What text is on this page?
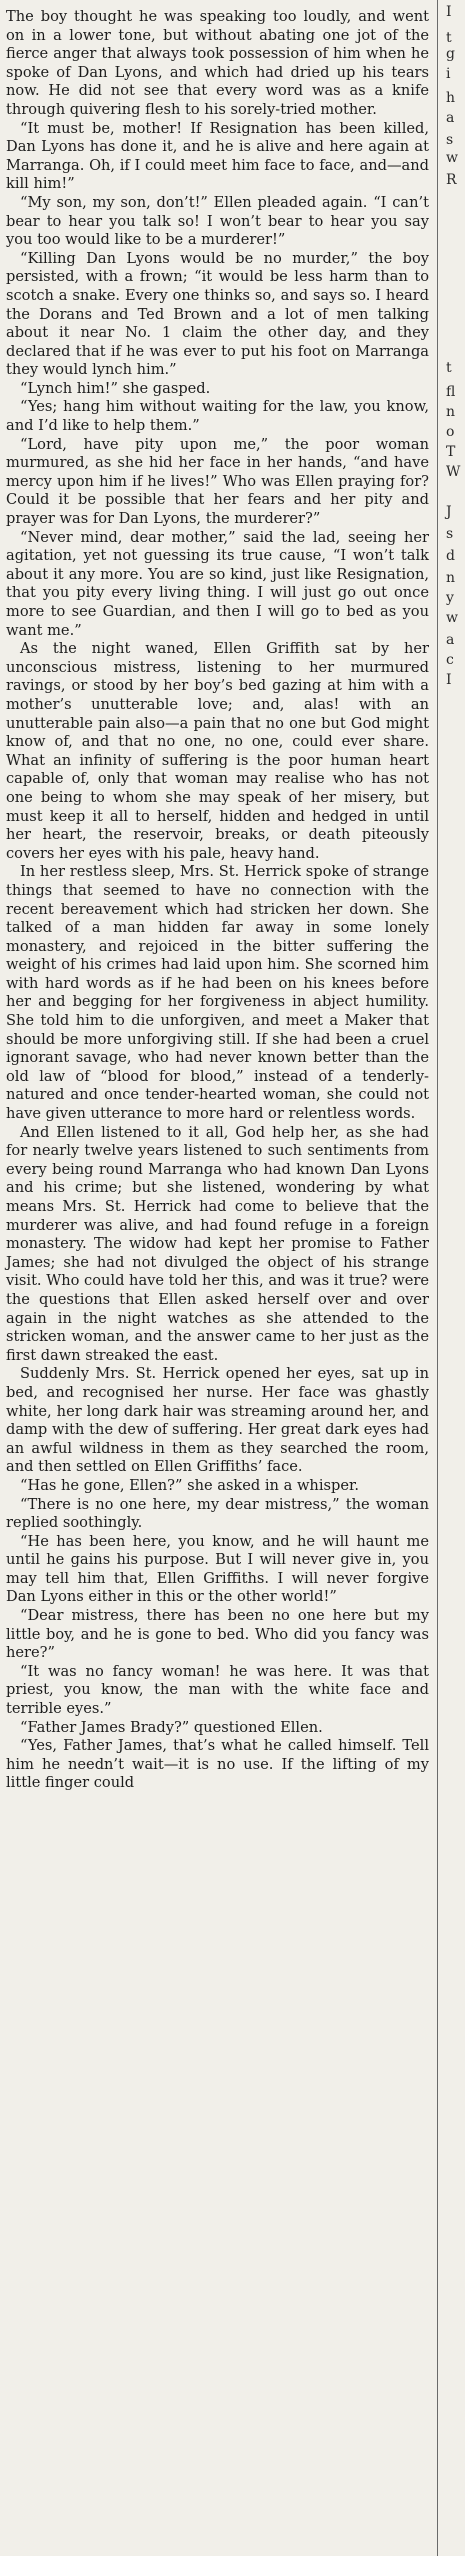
The boy thought he was speaking too loudly, and went on in a lower tone, but without abating one jot of the fierce anger that always took possession of him when he spoke of Dan Lyons, and which had dried up his tears now. He did not see that every word was as a knife through quivering flesh to his sorely-tried mother.

“It must be, mother! If Resignation has been killed, Dan Lyons has done it, and he is alive and here again at Marranga. Oh, if I could meet him face to face, and—and kill him!”

“My son, my son, don’t!” Ellen pleaded again. “I can’t bear to hear you talk so! I won’t bear to hear you say you too would like to be a murderer!”

“Killing Dan Lyons would be no murder,” the boy persisted, with a frown; “it would be less harm than to scotch a snake. Every one thinks so, and says so. I heard the Dorans and Ted Brown and a lot of men talking about it near No. 1 claim the other day, and they declared that if he was ever to put his foot on Marranga they would lynch him.”

“Lynch him!” she gasped.

“Yes; hang him without waiting for the law, you know, and I’d like to help them.”

“Lord, have pity upon me,” the poor woman murmured, as she hid her face in her hands, “and have mercy upon him if he lives!” Who was Ellen praying for? Could it be possible that her fears and her pity and prayer was for Dan Lyons, the murderer?”

“Never mind, dear mother,” said the lad, seeing her agitation, yet not guessing its true cause, “I won’t talk about it any more. You are so kind, just like Resignation, that you pity every living thing. I will just go out once more to see Guardian, and then I will go to bed as you want me.”

As the night waned, Ellen Griffith sat by her unconscious mistress, listening to her murmured ravings, or stood by her boy’s bed gazing at him with a mother’s unutterable love; and, alas! with an unutterable pain also—a pain that no one but God might know of, and that no one, no one, could ever share. What an infinity of suffering is the poor human heart capable of, only that woman may realise who has not one being to whom she may speak of her misery, but must keep it all to herself, hidden and hedged in until her heart, the reservoir, breaks, or death piteously covers her eyes with his pale, heavy hand.

In her restless sleep, Mrs. St. Herrick spoke of strange things that seemed to have no connection with the recent bereavement which had stricken her down. She talked of a man hidden far away in some lonely monastery, and rejoiced in the bitter suffering the weight of his crimes had laid upon him. She scorned him with hard words as if he had been on his knees before her and begging for her forgiveness in abject humility. She told him to die unforgiven, and meet a Maker that should be more unforgiving still. If she had been a cruel ignorant savage, who had never known better than the old law of “blood for blood,” instead of a tenderly-natured and once tender-hearted woman, she could not have given utterance to more hard or relentless words.

And Ellen listened to it all, God help her, as she had for nearly twelve years listened to such sentiments from every being round Marranga who had known Dan Lyons and his crime; but she listened, wondering by what means Mrs. St. Herrick had come to believe that the murderer was alive, and had found refuge in a foreign monastery. The widow had kept her promise to Father James; she had not divulged the object of his strange visit. Who could have told her this, and was it true? were the questions that Ellen asked herself over and over again in the night watches as she attended to the stricken woman, and the answer came to her just as the first dawn streaked the east.

Suddenly Mrs. St. Herrick opened her eyes, sat up in bed, and recognised her nurse. Her face was ghastly white, her long dark hair was streaming around her, and damp with the dew of suffering. Her great dark eyes had an awful wildness in them as they searched the room, and then settled on Ellen Griffiths’ face.

“Has he gone, Ellen?” she asked in a whisper.

“There is no one here, my dear mistress,” the woman replied soothingly.

“He has been here, you know, and he will haunt me until he gains his purpose. But I will never give in, you may tell him that, Ellen Griffiths. I will never forgive Dan Lyons either in this or the other world!”

“Dear mistress, there has been no one here but my little boy, and he is gone to bed. Who did you fancy was here?”

“It was no fancy woman! he was here. It was that priest, you know, the man with the white face and terrible eyes.”

“Father James Brady?” questioned Ellen.

“Yes, Father James, that’s what he called himself. Tell him he needn’t wait—it is no use. If the lifting of my little finger could

I
t
g
i
h
a
s
w
R
t
fl
n
o
T
W
J
s
d
n
y
w
a
c
I
